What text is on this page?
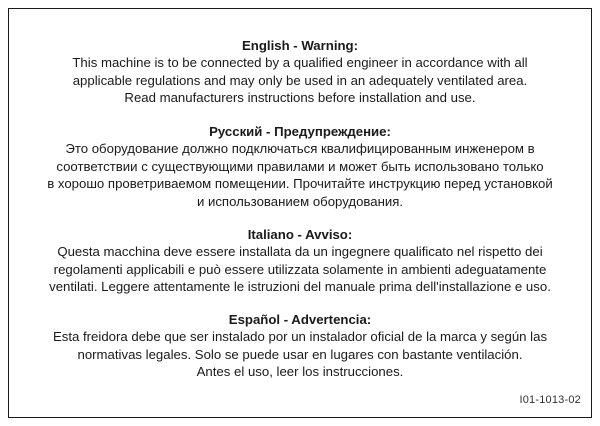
English - Warning:
This machine is to be connected by a qualified engineer in accordance with all
applicable regulations and may only be used in an adequately ventilated area.
Read manufacturers instructions before installation and use.
Русский - Предупреждение:
Это оборудование должно подключаться квалифицированным инженером в
соответствии с существующими правилами и может быть использовано только
в хорошо проветриваемом помещении. Прочитайте инструкцию перед установкой
и использованием оборудования.
Italiano - Avviso:
Questa macchina deve essere installata da un ingegnere qualificato nel rispetto dei
regolamenti applicabili e può essere utilizzata solamente in ambienti adeguatamente
ventilati. Leggere attentamente le istruzioni del manuale prima dell'installazione e uso.
Español - Advertencia:
Esta freidora debe que ser instalado por un instalador oficial de la marca y según las
normativas legales. Solo se puede usar en lugares con bastante ventilación.
Antes el uso, leer los instrucciones.
I01-1013-02
